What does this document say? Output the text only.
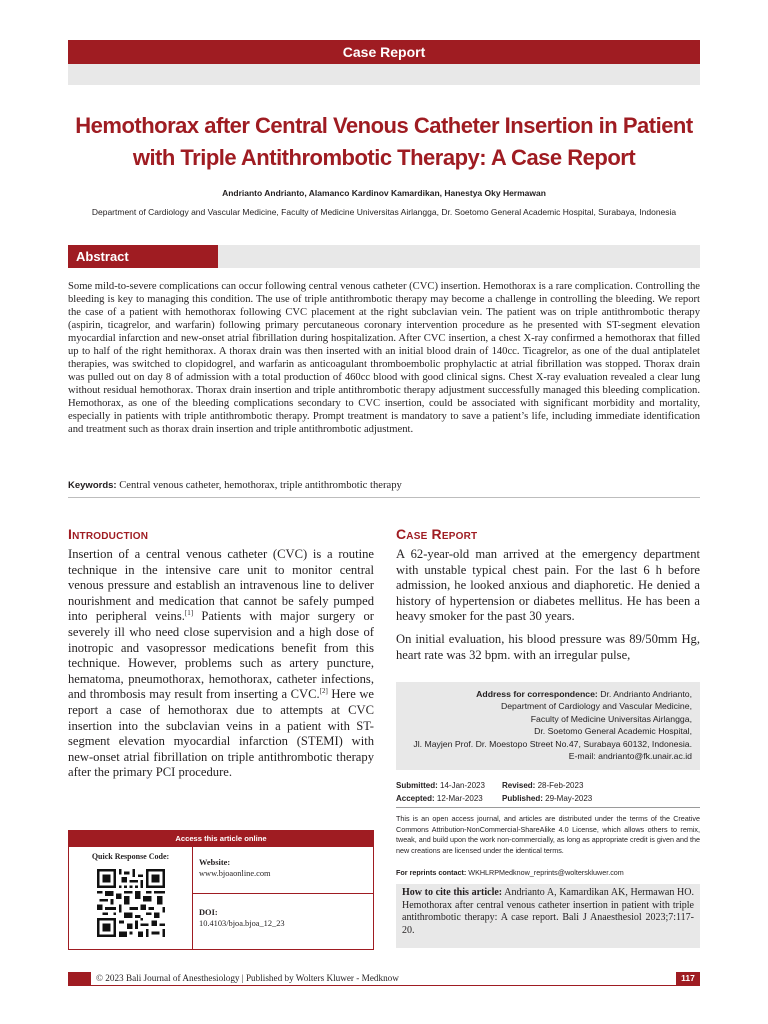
Case Report
Hemothorax after Central Venous Catheter Insertion in Patient with Triple Antithrombotic Therapy: A Case Report
Andrianto Andrianto, Alamanco Kardinov Kamardikan, Hanestya Oky Hermawan
Department of Cardiology and Vascular Medicine, Faculty of Medicine Universitas Airlangga, Dr. Soetomo General Academic Hospital, Surabaya, Indonesia
Abstract

Some mild-to-severe complications can occur following central venous catheter (CVC) insertion. Hemothorax is a rare complication. Controlling the bleeding is key to managing this condition. The use of triple antithrombotic therapy may become a challenge in controlling the bleeding. We report the case of a patient with hemothorax following CVC placement at the right subclavian vein. The patient was on triple antithrombotic therapy (aspirin, ticagrelor, and warfarin) following primary percutaneous coronary intervention procedure as he presented with ST-segment elevation myocardial infarction and new-onset atrial fibrillation during hospitalization. After CVC insertion, a chest X-ray confirmed a hemothorax that filled up to half of the right hemithorax. A thorax drain was then inserted with an initial blood drain of 140cc. Ticagrelor, as one of the dual antiplatelet therapies, was switched to clopidogrel, and warfarin as anticoagulant thromboembolic prophylactic at atrial fibrillation was stopped. Thorax drain was pulled out on day 8 of admission with a total production of 460cc blood with good clinical signs. Chest X-ray evaluation revealed a clear lung without residual hemothorax. Thorax drain insertion and triple antithrombotic therapy adjustment successfully managed this bleeding complication. Hemothorax, as one of the bleeding complications secondary to CVC insertion, could be associated with significant morbidity and mortality, especially in patients with triple antithrombotic therapy. Prompt treatment is mandatory to save a patient’s life, including immediate identification and treatment such as thorax drain insertion and triple antithrombotic adjustment.

Keywords: Central venous catheter, hemothorax, triple antithrombotic therapy
Introduction

Insertion of a central venous catheter (CVC) is a routine technique in the intensive care unit to monitor central venous pressure and establish an intravenous line to deliver nourishment and medication that cannot be safely pumped into peripheral veins.[1] Patients with major surgery or severely ill who need close supervision and a high dose of inotropic and vasopressor medications benefit from this technique. However, problems such as artery puncture, hematoma, pneumothorax, hemothorax, catheter infections, and thrombosis may result from inserting a CVC.[2] Here we report a case of hemothorax due to attempts at CVC insertion into the subclavian veins in a patient with ST-segment elevation myocardial infarction (STEMI) with new-onset atrial fibrillation on triple antithrombotic therapy after the primary PCI procedure.

Case Report

A 62-year-old man arrived at the emergency department with unstable typical chest pain. For the last 6 h before admission, he looked anxious and diaphoretic. He denied a history of hypertension or diabetes mellitus. He has been a heavy smoker for the past 30 years.

On initial evaluation, his blood pressure was 89/50mm Hg, heart rate was 32 bpm. with an irregular pulse,

Address for correspondence: Dr. Andrianto Andrianto,
Department of Cardiology and Vascular Medicine,
Faculty of Medicine Universitas Airlangga,
Dr. Soetomo General Academic Hospital,
Jl. Mayjen Prof. Dr. Moestopo Street No.47, Surabaya 60132, Indonesia.
E-mail: andrianto@fk.unair.ac.id
Submitted: 14-Jan-2023	Revised: 28-Feb-2023
Accepted: 12-Mar-2023	Published: 29-May-2023

This is an open access journal, and articles are distributed under the terms of the Creative Commons Attribution-NonCommercial-ShareAlike 4.0 License, which allows others to remix, tweak, and build upon the work non-commercially, as long as appropriate credit is given and the new creations are licensed under the identical terms.

For reprints contact: WKHLRPMedknow_reprints@wolterskluwer.com
How to cite this article: Andrianto A, Kamardikan AK, Hermawan HO. Hemothorax after central venous catheter insertion in patient with triple antithrombotic therapy: A case report. Bali J Anaesthesiol 2023;7:117-20.
Access this article online
Quick Response Code:
Website:
www.bjoaonline.com
DOI:
10.4103/bjoa.bjoa_12_23
© 2023 Bali Journal of Anesthesiology | Published by Wolters Kluwer - Medknow	117
